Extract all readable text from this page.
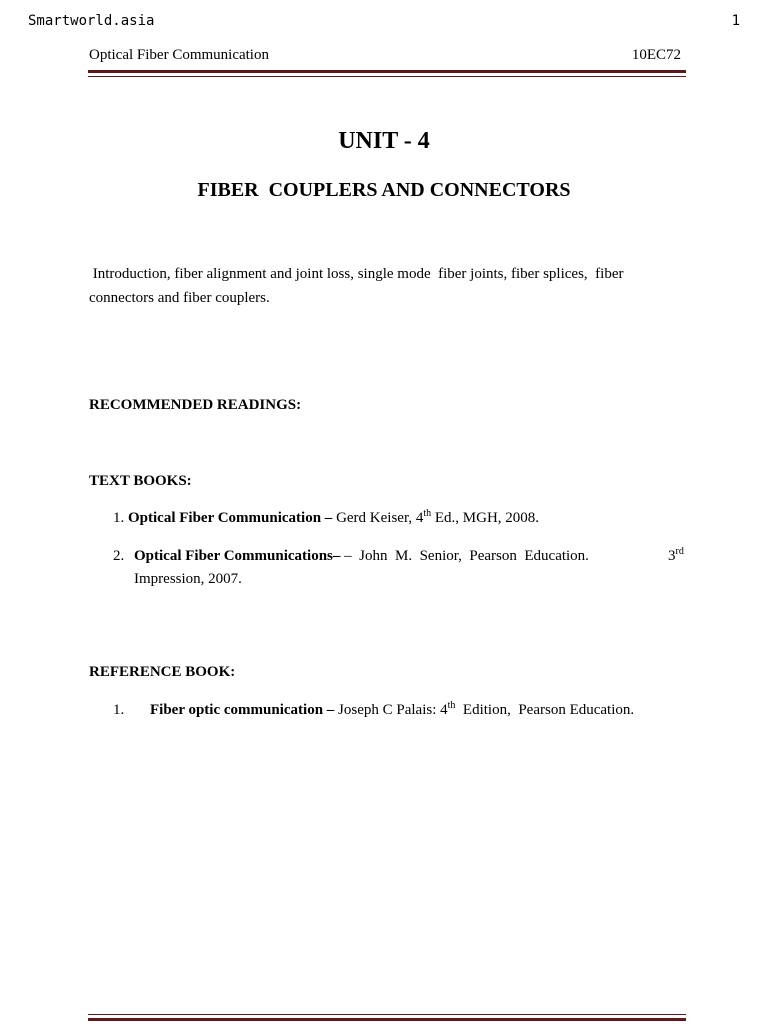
Smartworld.asia	1
Optical Fiber Communication	10EC72
UNIT - 4
FIBER  COUPLERS AND CONNECTORS
Introduction, fiber alignment and joint loss, single mode  fiber joints, fiber splices,  fiber
connectors and fiber couplers.
RECOMMENDED READINGS:
TEXT BOOKS:
1. Optical Fiber Communication – Gerd Keiser, 4th Ed., MGH, 2008.
2. Optical Fiber Communications– –  John  M.  Senior,  Pearson  Education.	3rd
Impression, 2007.
REFERENCE BOOK:
1. Fiber optic communication – Joseph C Palais: 4th  Edition,  Pearson Education.
